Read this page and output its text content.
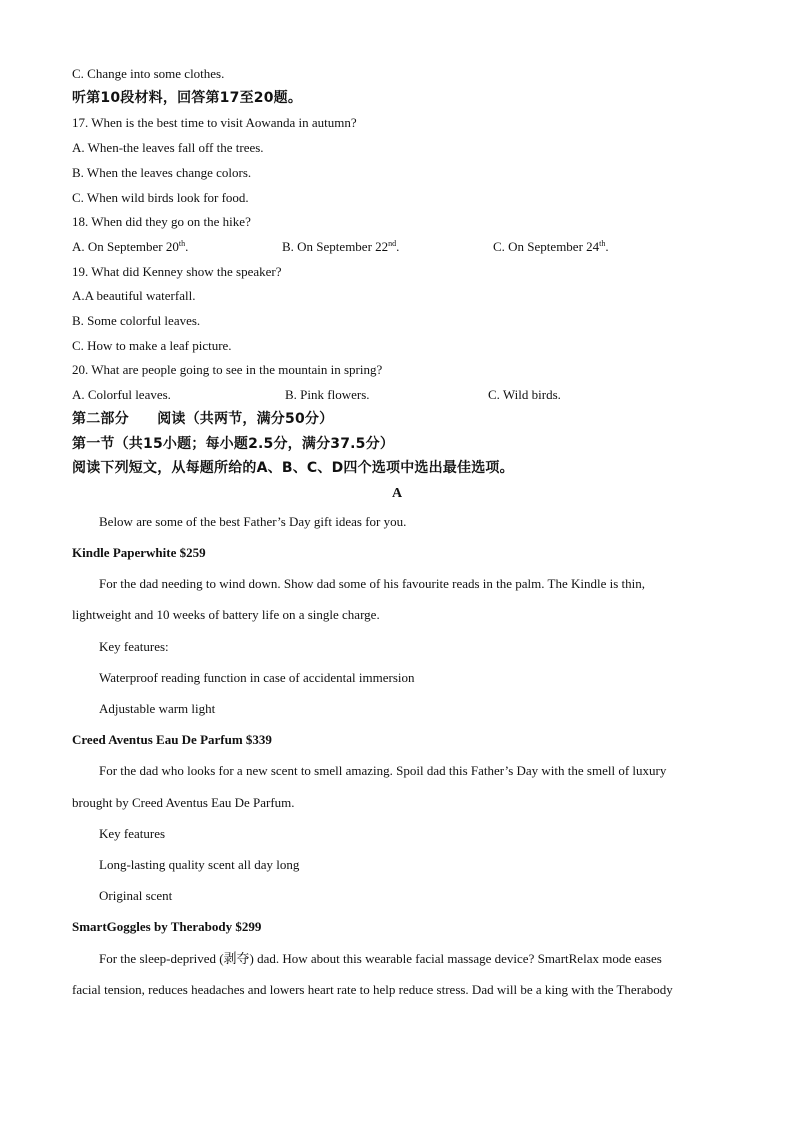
C. Change into some clothes.
听第10段材料，回答第17至20题。
17. When is the best time to visit Aowanda in autumn?
A. When-the leaves fall off the trees.
B. When the leaves change colors.
C. When wild birds look for food.
18. When did they go on the hike?
A. On September 20th.	B. On September 22nd.	C. On September 24th.
19. What did Kenney show the speaker?
A.A beautiful waterfall.
B. Some colorful leaves.
C. How to make a leaf picture.
20. What are people going to see in the mountain in spring?
A. Colorful leaves.	B. Pink flowers.	C. Wild birds.
第二部分　　阅读（共两节，满分50分）
第一节（共15小题；每小题2.5分，满分37.5分）
阅读下列短文，从每题所给的A、B、C、D四个选项中选出最佳选项。
A
Below are some of the best Father’s Day gift ideas for you.
Kindle Paperwhite $259
For the dad needing to wind down. Show dad some of his favourite reads in the palm. The Kindle is thin,
lightweight and 10 weeks of battery life on a single charge.
Key features:
Waterproof reading function in case of accidental immersion
Adjustable warm light
Creed Aventus Eau De Parfum $339
For the dad who looks for a new scent to smell amazing. Spoil dad this Father’s Day with the smell of luxury
brought by Creed Aventus Eau De Parfum.
Key features
Long-lasting quality scent all day long
Original scent
SmartGoggles by Therabody $299
For the sleep-deprived (剥夺) dad. How about this wearable facial massage device? SmartRelax mode eases
facial tension, reduces headaches and lowers heart rate to help reduce stress. Dad will be a king with the Therabody
